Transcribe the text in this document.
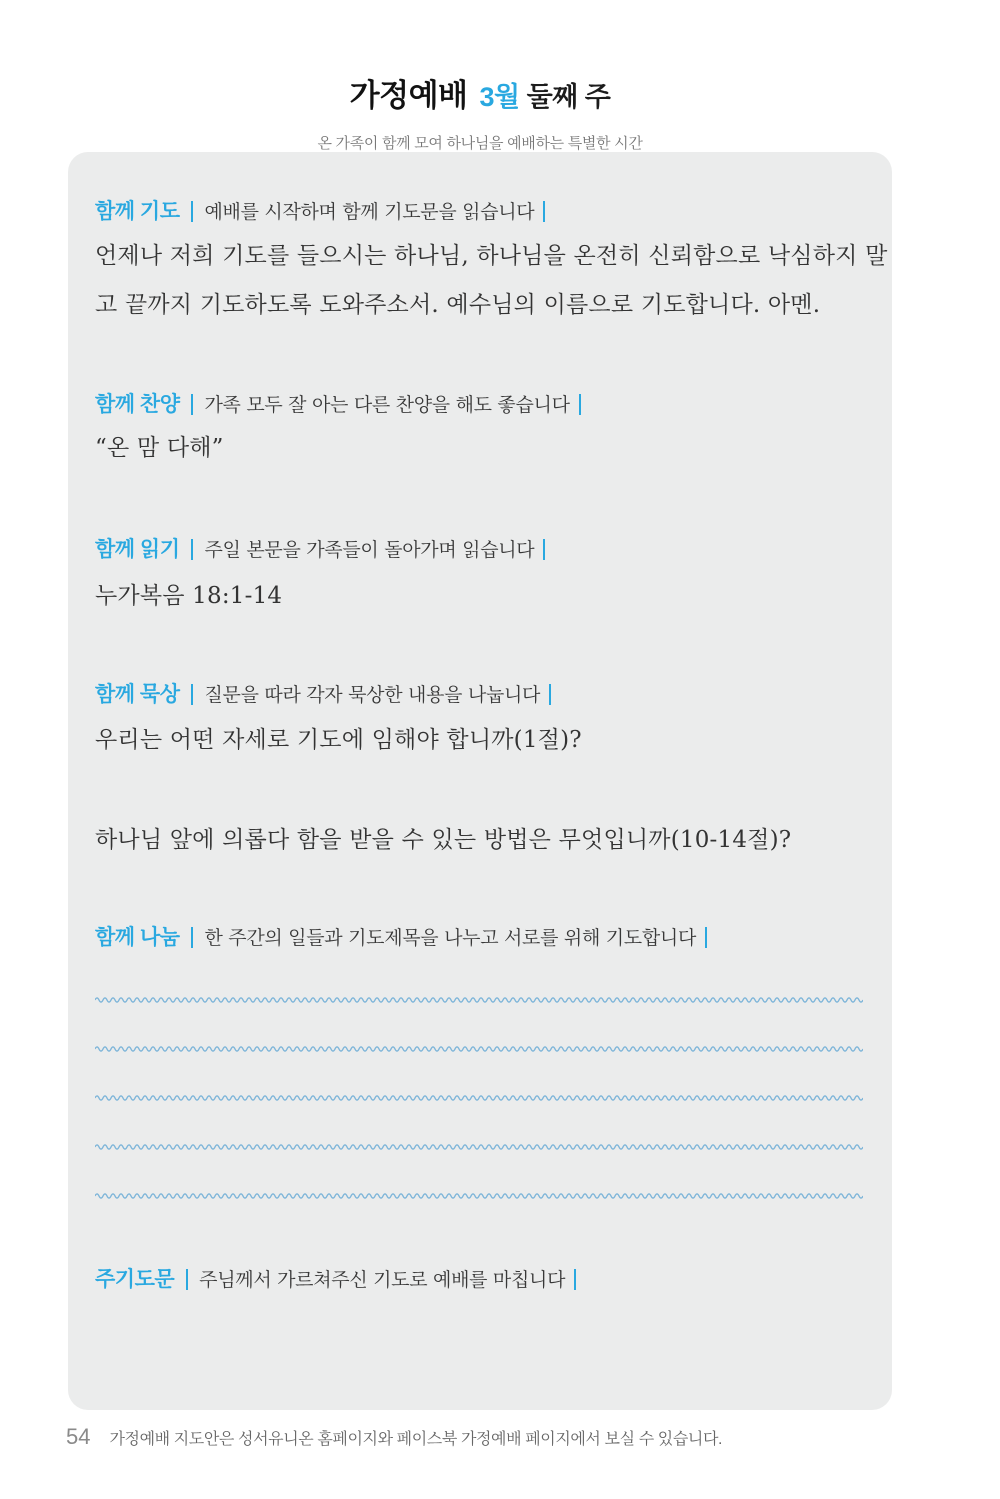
가정예배 3월 둘째 주
온 가족이 함께 모여 하나님을 예배하는 특별한 시간
함께 기도 예배를 시작하며 함께 기도문을 읽습니다
언제나 저희 기도를 들으시는 하나님, 하나님을 온전히 신뢰함으로 낙심하지 말고 끝까지 기도하도록 도와주소서. 예수님의 이름으로 기도합니다. 아멘.
함께 찬양 가족 모두 잘 아는 다른 찬양을 해도 좋습니다
“온 맘 다해”
함께 읽기 주일 본문을 가족들이 돌아가며 읽습니다
누가복음 18:1-14
함께 묵상 질문을 따라 각자 묵상한 내용을 나눕니다
우리는 어떤 자세로 기도에 임해야 합니까(1절)?
하나님 앞에 의롭다 함을 받을 수 있는 방법은 무엇입니까(10-14절)?
함께 나눔 한 주간의 일들과 기도제목을 나누고 서로를 위해 기도합니다
주기도문 주님께서 가르쳐주신 기도로 예배를 마칩니다
54 가정예배 지도안은 성서유니온 홈페이지와 페이스북 가정예배 페이지에서 보실 수 있습니다.
